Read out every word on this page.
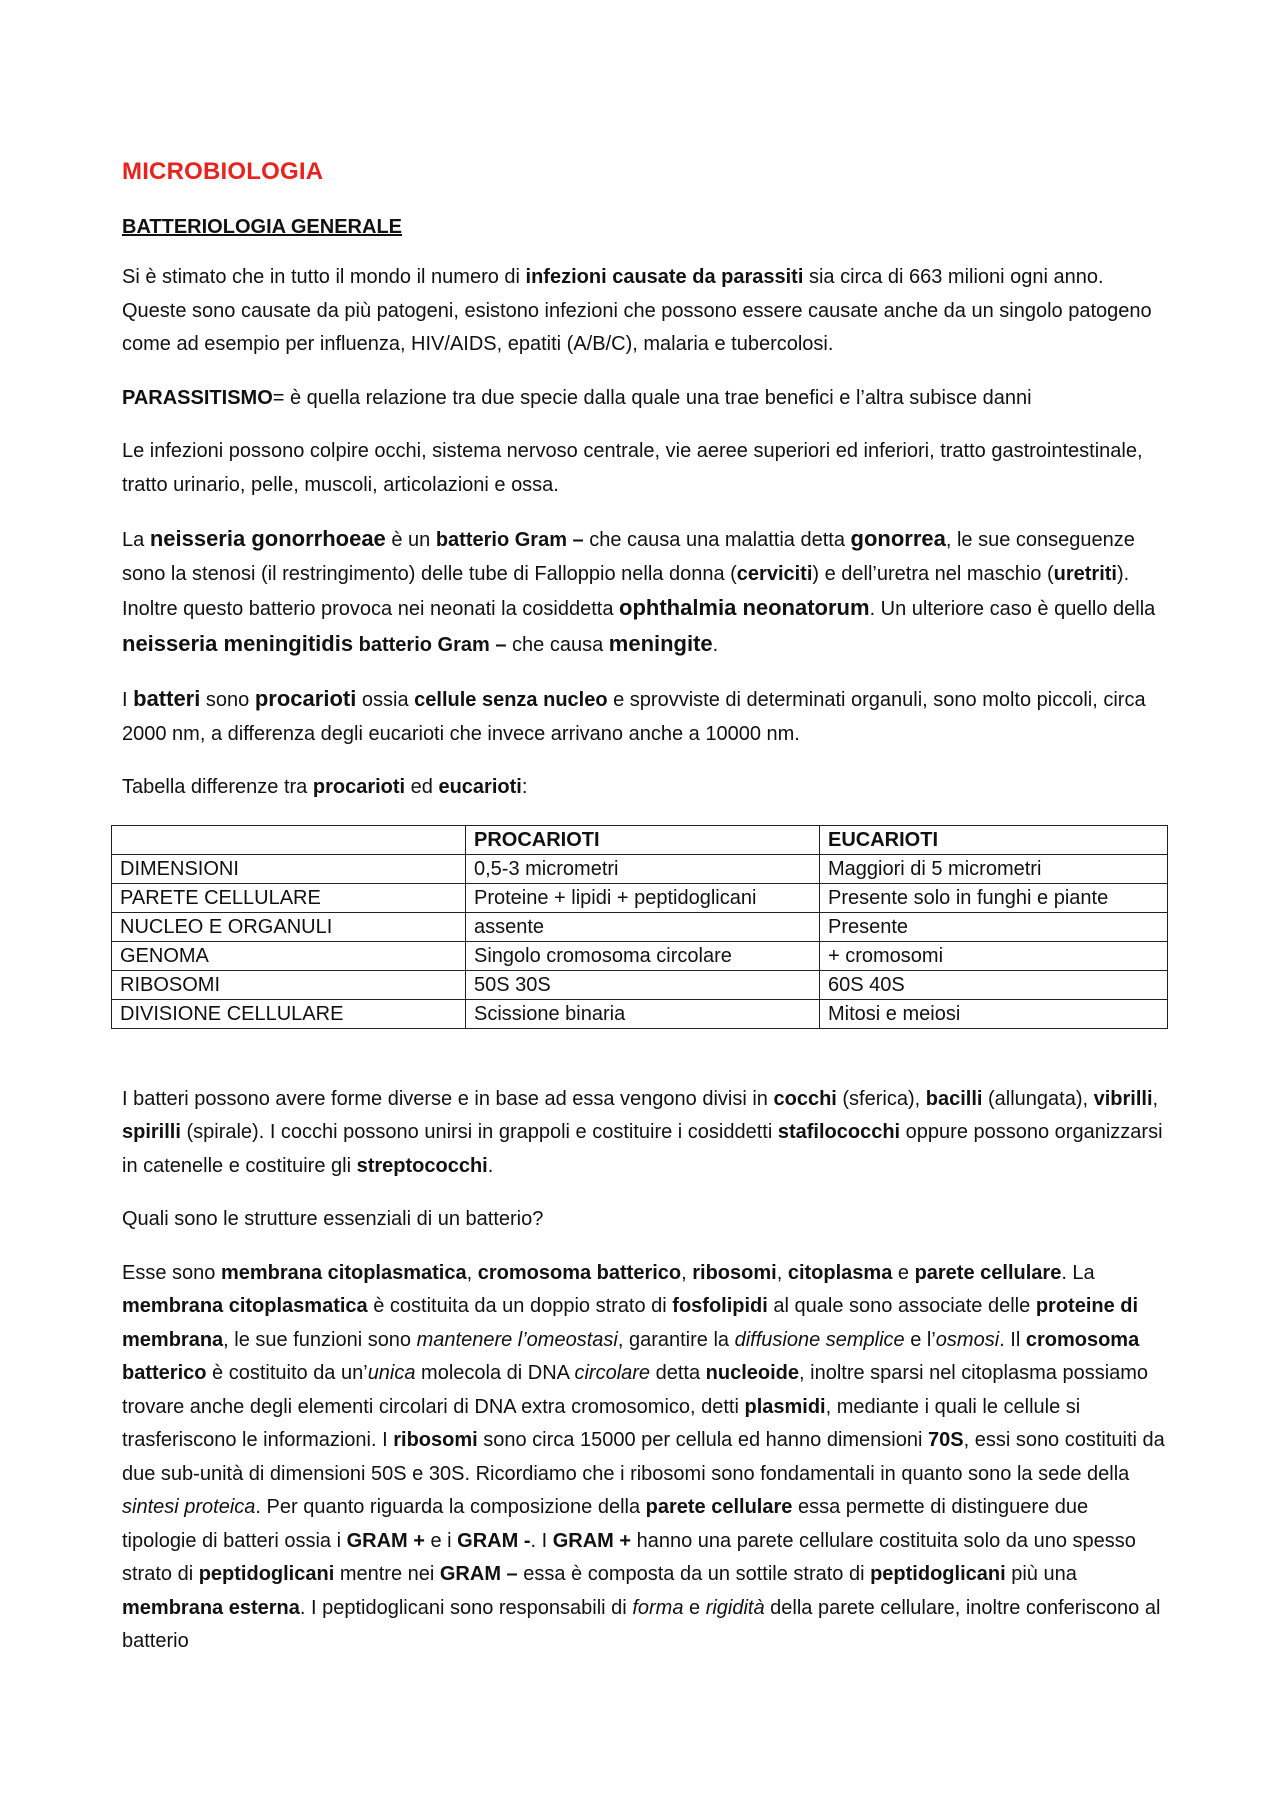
MICROBIOLOGIA
BATTERIOLOGIA GENERALE

Si è stimato che in tutto il mondo il numero di infezioni causate da parassiti sia circa di 663 milioni ogni anno. Queste sono causate da più patogeni, esistono infezioni che possono essere causate anche da un singolo patogeno come ad esempio per influenza, HIV/AIDS, epatiti (A/B/C), malaria e tubercolosi.

PARASSITISMO= è quella relazione tra due specie dalla quale una trae benefici e l’altra subisce danni

Le infezioni possono colpire occhi, sistema nervoso centrale, vie aeree superiori ed inferiori, tratto gastrointestinale, tratto urinario, pelle, muscoli, articolazioni e ossa.

La neisseria gonorrhoeae è un batterio Gram – che causa una malattia detta gonorrea, le sue conseguenze sono la stenosi (il restringimento) delle tube di Falloppio nella donna (cerviciti) e dell’uretra nel maschio (uretriti). Inoltre questo batterio provoca nei neonati la cosiddetta ophthalmia neonatorum. Un ulteriore caso è quello della neisseria meningitidis batterio Gram – che causa meningite.

I batteri sono procarioti ossia cellule senza nucleo e sprovviste di determinati organuli, sono molto piccoli, circa 2000 nm, a differenza degli eucarioti che invece arrivano anche a 10000 nm.

Tabella differenze tra procarioti ed eucarioti:

	PROCARIOTI	EUCARIOTI
DIMENSIONI	0,5-3 micrometri	Maggiori di 5 micrometri
PARETE CELLULARE	Proteine + lipidi + peptidoglicani	Presente solo in funghi e piante
NUCLEO E ORGANULI	assente	Presente
GENOMA	Singolo cromosoma circolare	+ cromosomi
RIBOSOMI	50S 30S	60S 40S
DIVISIONE CELLULARE	Scissione binaria	Mitosi e meiosi

I batteri possono avere forme diverse e in base ad essa vengono divisi in cocchi (sferica), bacilli (allungata), vibrilli, spirilli (spirale). I cocchi possono unirsi in grappoli e costituire i cosiddetti stafilococchi oppure possono organizzarsi in catenelle e costituire gli streptococchi.

Quali sono le strutture essenziali di un batterio?

Esse sono membrana citoplasmatica, cromosoma batterico, ribosomi, citoplasma e parete cellulare. La membrana citoplasmatica è costituita da un doppio strato di fosfolipidi al quale sono associate delle proteine di membrana, le sue funzioni sono mantenere l’omeostasi, garantire la diffusione semplice e l’osmosi. Il cromosoma batterico è costituito da un’unica molecola di DNA circolare detta nucleoide, inoltre sparsi nel citoplasma possiamo trovare anche degli elementi circolari di DNA extra cromosomico, detti plasmidi, mediante i quali le cellule si trasferiscono le informazioni. I ribosomi sono circa 15000 per cellula ed hanno dimensioni 70S, essi sono costituiti da due sub-unità di dimensioni 50S e 30S. Ricordiamo che i ribosomi sono fondamentali in quanto sono la sede della sintesi proteica. Per quanto riguarda la composizione della parete cellulare essa permette di distinguere due tipologie di batteri ossia i GRAM + e i GRAM -. I GRAM + hanno una parete cellulare costituita solo da uno spesso strato di peptidoglicani mentre nei GRAM – essa è composta da un sottile strato di peptidoglicani più una membrana esterna. I peptidoglicani sono responsabili di forma e rigidità della parete cellulare, inoltre conferiscono al batterio
